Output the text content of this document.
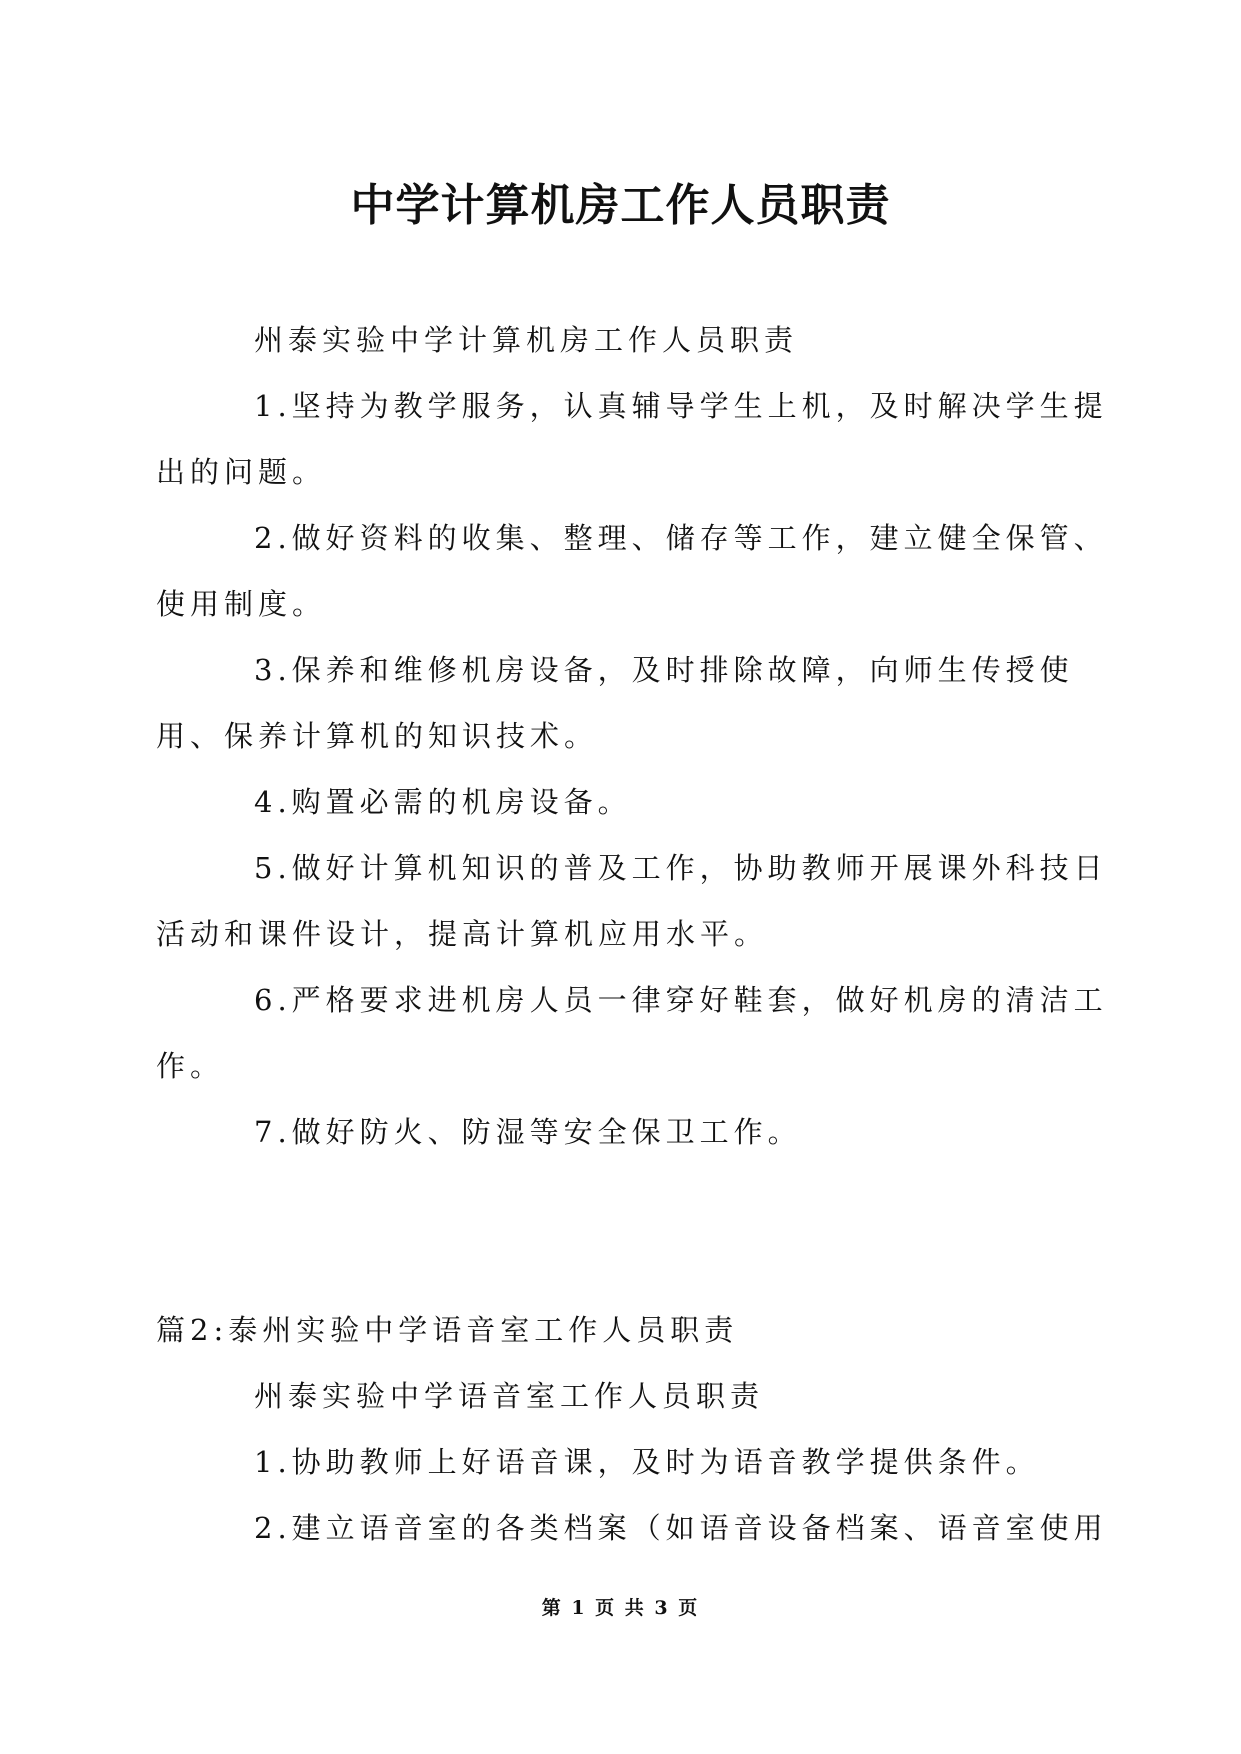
中学计算机房工作人员职责

州泰实验中学计算机房工作人员职责

1.坚持为教学服务，认真辅导学生上机，及时解决学生提出的问题。

2.做好资料的收集、整理、储存等工作，建立健全保管、使用制度。

3.保养和维修机房设备，及时排除故障，向师生传授使用、保养计算机的知识技术。

4.购置必需的机房设备。

5.做好计算机知识的普及工作，协助教师开展课外科技日活动和课件设计，提高计算机应用水平。

6.严格要求进机房人员一律穿好鞋套，做好机房的清洁工作。

7.做好防火、防湿等安全保卫工作。

篇2:泰州实验中学语音室工作人员职责

州泰实验中学语音室工作人员职责

1.协助教师上好语音课，及时为语音教学提供条件。

2.建立语音室的各类档案（如语音设备档案、语音室使用

第 1 页 共 3 页
